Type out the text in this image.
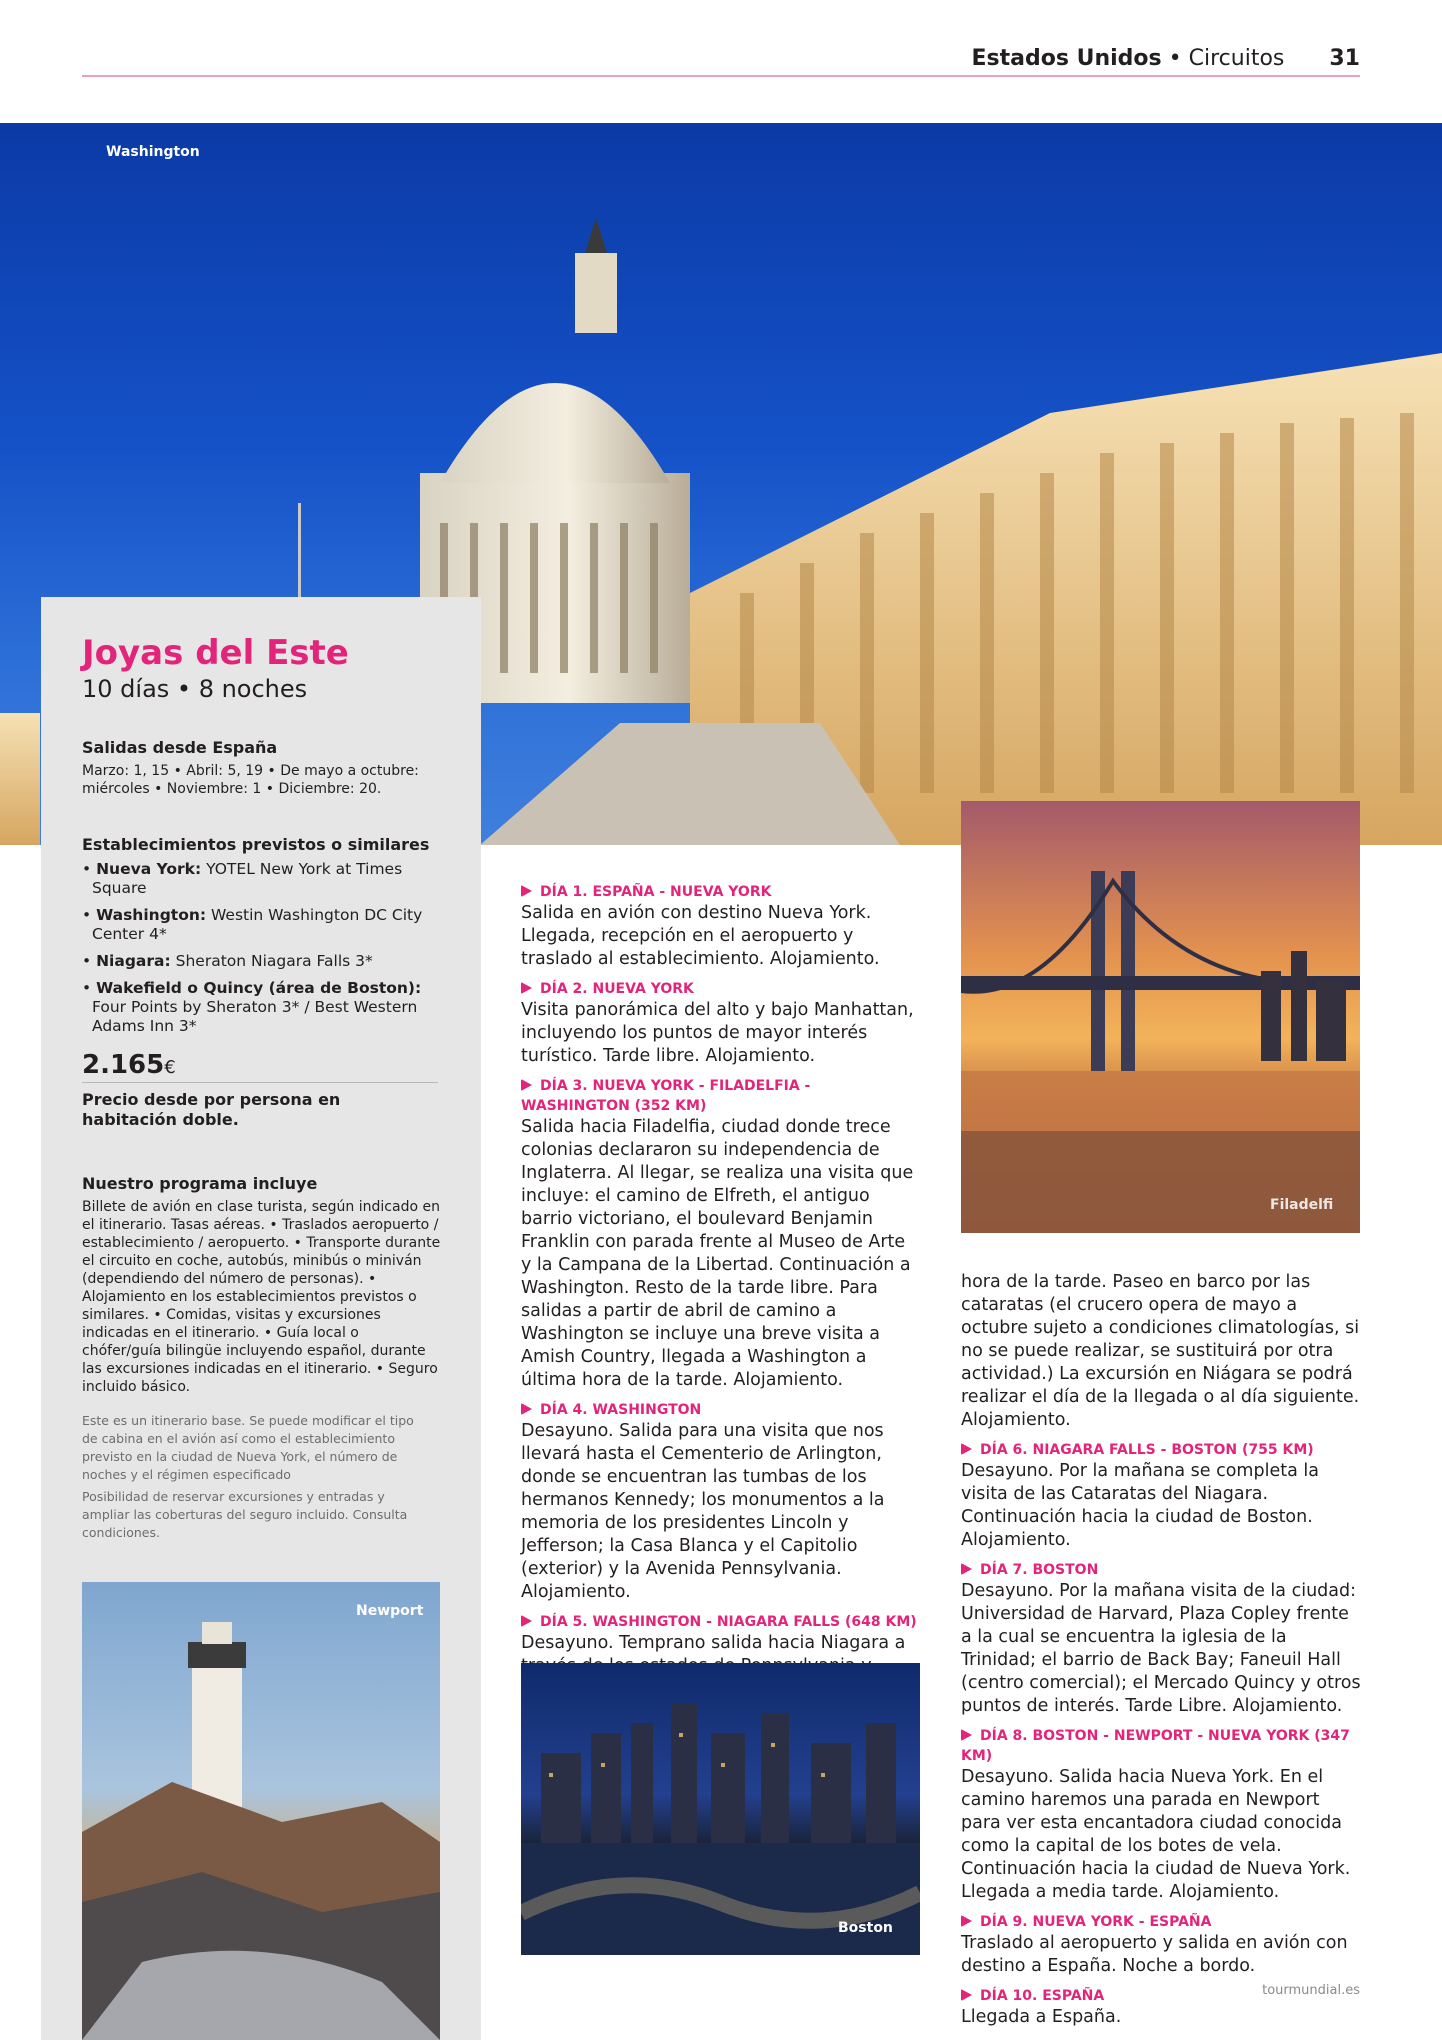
Estados Unidos • Circuitos 31
Washington
Joyas del Este
10 días • 8 noches
Salidas desde España
Marzo: 1, 15 • Abril: 5, 19 • De mayo a octubre: miércoles • Noviembre: 1 • Diciembre: 20.
Establecimientos previstos o similares
• Nueva York: YOTEL New York at Times Square
• Washington: Westin Washington DC City Center 4*
• Niagara: Sheraton Niagara Falls 3*
• Wakefield o Quincy (área de Boston): Four Points by Sheraton 3* / Best Western Adams Inn 3*
2.165€
Precio desde por persona en habitación doble.
Nuestro programa incluye
Billete de avión en clase turista, según indicado en el itinerario. Tasas aéreas. • Traslados aeropuerto / establecimiento / aeropuerto. • Transporte durante el circuito en coche, autobús, minibús o miniván (dependiendo del número de personas). • Alojamiento en los establecimientos previstos o similares. • Comidas, visitas y excursiones indicadas en el itinerario. • Guía local o chófer/guía bilingüe incluyendo español, durante las excursiones indicadas en el itinerario. • Seguro incluido básico.
Este es un itinerario base. Se puede modificar el tipo de cabina en el avión así como el establecimiento previsto en la ciudad de Nueva York, el número de noches y el régimen especificado
Posibilidad de reservar excursiones y entradas y ampliar las coberturas del seguro incluido. Consulta condiciones.
Newport
DÍA 1. ESPAÑA - NUEVA YORK

Salida en avión con destino Nueva York. Llegada, recepción en el aeropuerto y traslado al establecimiento. Alojamiento.

DÍA 2. NUEVA YORK

Visita panorámica del alto y bajo Manhattan, incluyendo los puntos de mayor interés turístico. Tarde libre. Alojamiento.

DÍA 3. NUEVA YORK - FILADELFIA - WASHINGTON (352 KM)

Salida hacia Filadelfia, ciudad donde trece colonias declararon su independencia de Inglaterra. Al llegar, se realiza una visita que incluye: el camino de Elfreth, el antiguo barrio victoriano, el boulevard Benjamin Franklin con parada frente al Museo de Arte y la Campana de la Libertad. Continuación a Washington. Resto de la tarde libre. Para salidas a partir de abril de camino a Washington se incluye una breve visita a Amish Country, llegada a Washington a última hora de la tarde. Alojamiento.

DÍA 4. WASHINGTON

Desayuno. Salida para una visita que nos llevará hasta el Cementerio de Arlington, donde se encuentran las tumbas de los hermanos Kennedy; los monumentos a la memoria de los presidentes Lincoln y Jefferson; la Casa Blanca y el Capitolio (exterior) y la Avenida Pennsylvania. Alojamiento.

DÍA 5. WASHINGTON - NIAGARA FALLS (648 KM)

Desayuno. Temprano salida hacia Niagara a

Boston
Filadelfi

hora de la tarde. Paseo en barco por las cataratas (el crucero opera de mayo a octubre sujeto a condiciones climatologías, si no se puede realizar, se sustituirá por otra actividad.) La excursión en Niágara se podrá realizar el día de la llegada o al día siguiente. Alojamiento.

DÍA 6. NIAGARA FALLS - BOSTON (755 KM)

Desayuno. Por la mañana se completa la visita de las Cataratas del Niagara. Continuación hacia la ciudad de Boston. Alojamiento.

DÍA 7. BOSTON

Desayuno. Por la mañana visita de la ciudad: Universidad de Harvard, Plaza Copley frente a la cual se encuentra la iglesia de la Trinidad; el barrio de Back Bay; Faneuil Hall (centro comercial); el Mercado Quincy y otros puntos de interés. Tarde Libre. Alojamiento.

DÍA 8. BOSTON - NEWPORT - NUEVA YORK (347 KM)

Desayuno. Salida hacia Nueva York. En el camino haremos una parada en Newport para ver esta encantadora ciudad conocida como la capital de los botes de vela. Continuación hacia la ciudad de Nueva York. Llegada a media tarde. Alojamiento.

DÍA 9. NUEVA YORK - ESPAÑA

Traslado al aeropuerto y salida en avión con destino a España. Noche a bordo.

DÍA 10. ESPAÑA

Llegada a España.

tourmundial.es
